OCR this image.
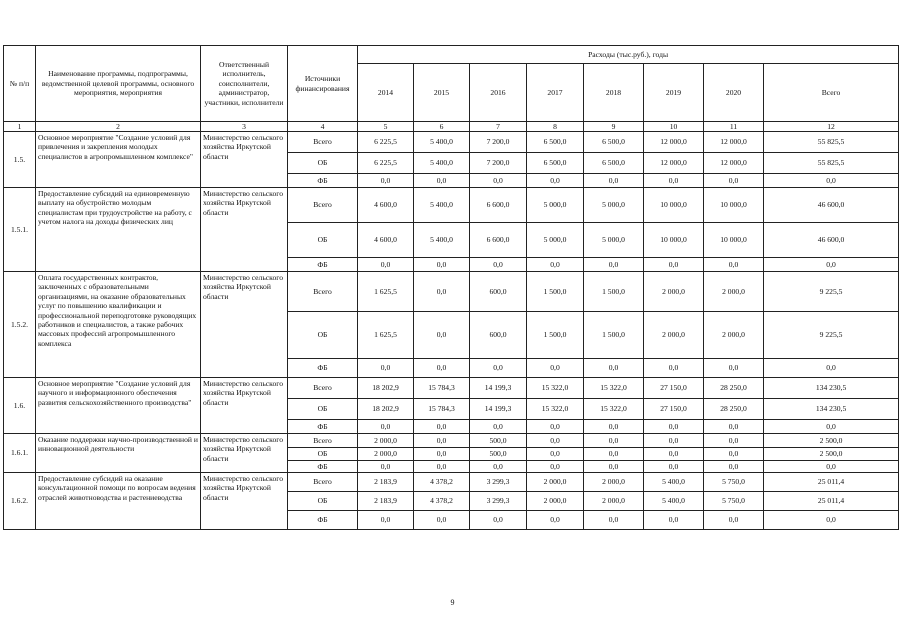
№ п/п	Наименование программы, подпрограммы, ведомственной целевой программы, основного мероприятия, мероприятия	Ответственный исполнитель, соисполнители, администратор, участники, исполнители	Источники финансирования	Расходы (тыс.руб.), годы							
				2014	2015	2016	2017	2018	2019	2020	Всего
1	2	3	4	5	6	7	8	9	10	11	12
1.5.	Основное мероприятие "Создание условий для привлечения и закрепления молодых специалистов в агропромышленном комплексе"	Министерство сельского хозяйства Иркутской области	Всего	6 225,5	5 400,0	7 200,0	6 500,0	6 500,0	12 000,0	12 000,0	55 825,5
			ОБ	6 225,5	5 400,0	7 200,0	6 500,0	6 500,0	12 000,0	12 000,0	55 825,5
			ФБ	0,0	0,0	0,0	0,0	0,0	0,0	0,0	0,0
1.5.1.	Предоставление субсидий на единовременную выплату на обустройство молодым специалистам при трудоустройстве на работу, с учетом налога на доходы физических лиц	Министерство сельского хозяйства Иркутской области	Всего	4 600,0	5 400,0	6 600,0	5 000,0	5 000,0	10 000,0	10 000,0	46 600,0
			ОБ	4 600,0	5 400,0	6 600,0	5 000,0	5 000,0	10 000,0	10 000,0	46 600,0
			ФБ	0,0	0,0	0,0	0,0	0,0	0,0	0,0	0,0
1.5.2.	Оплата государственных контрактов, заключенных с образовательными организациями, на оказание образовательных услуг по повышению квалификации и профессиональной переподготовке руководящих работников и специалистов, а также рабочих массовых профессий агропромышленного комплекса	Министерство сельского хозяйства Иркутской области	Всего	1 625,5	0,0	600,0	1 500,0	1 500,0	2 000,0	2 000,0	9 225,5
			ОБ	1 625,5	0,0	600,0	1 500,0	1 500,0	2 000,0	2 000,0	9 225,5
			ФБ	0,0	0,0	0,0	0,0	0,0	0,0	0,0	0,0
1.6.	Основное мероприятие "Создание условий для научного и информационного обеспечения развития сельскохозяйственного производства"	Министерство сельского хозяйства Иркутской области	Всего	18 202,9	15 784,3	14 199,3	15 322,0	15 322,0	27 150,0	28 250,0	134 230,5
			ОБ	18 202,9	15 784,3	14 199,3	15 322,0	15 322,0	27 150,0	28 250,0	134 230,5
			ФБ	0,0	0,0	0,0	0,0	0,0	0,0	0,0	0,0
1.6.1.	Оказание поддержки научно-производственной и инновационной деятельности	Министерство сельского хозяйства Иркутской области	Всего	2 000,0	0,0	500,0	0,0	0,0	0,0	0,0	2 500,0
			ОБ	2 000,0	0,0	500,0	0,0	0,0	0,0	0,0	2 500,0
			ФБ	0,0	0,0	0,0	0,0	0,0	0,0	0,0	0,0
1.6.2.	Предоставление субсидий на оказание консультационной помощи по вопросам ведения отраслей животноводства и растениеводства	Министерство сельского хозяйства Иркутской области	Всего	2 183,9	4 378,2	3 299,3	2 000,0	2 000,0	5 400,0	5 750,0	25 011,4
			ОБ	2 183,9	4 378,2	3 299,3	2 000,0	2 000,0	5 400,0	5 750,0	25 011,4
			ФБ	0,0	0,0	0,0	0,0	0,0	0,0	0,0	0,0
9
